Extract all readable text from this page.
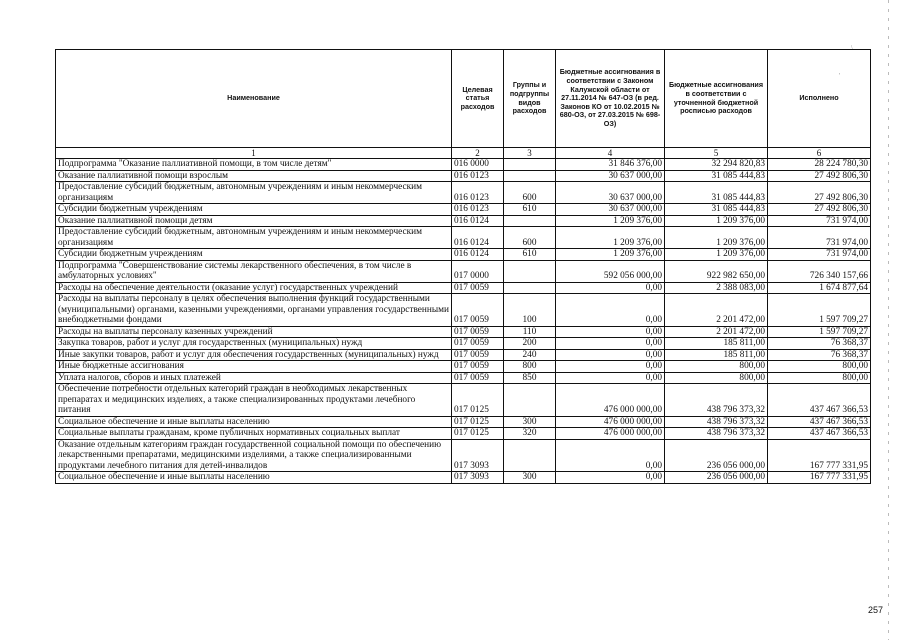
\
'
Наименование	Целевая статья расходов	Группы и подгруппы видов расходов	Бюджетные ассигнования в соответствии с Законом Калужской области от 27.11.2014 № 647-ОЗ (в ред. Законов КО от 10.02.2015 № 680-ОЗ, от 27.03.2015 № 698-ОЗ)	Бюджетные ассигнования в соответствии с уточненной бюджетной росписью расходов	Исполнено
1	2	3	4	5	6
Подпрограмма "Оказание паллиативной помощи, в том числе детям"	016 0000		31 846 376,00	32 294 820,83	28 224 780,30
Оказание паллиативной помощи взрослым	016 0123		30 637 000,00	31 085 444,83	27 492 806,30
Предоставление субсидий бюджетным, автономным учреждениям и иным некоммерческим организациям	016 0123	600	30 637 000,00	31 085 444,83	27 492 806,30
Субсидии бюджетным учреждениям	016 0123	610	30 637 000,00	31 085 444,83	27 492 806,30
Оказание паллиативной помощи детям	016 0124		1 209 376,00	1 209 376,00	731 974,00
Предоставление субсидий бюджетным, автономным учреждениям и иным некоммерческим организациям	016 0124	600	1 209 376,00	1 209 376,00	731 974,00
Субсидии бюджетным учреждениям	016 0124	610	1 209 376,00	1 209 376,00	731 974,00
Подпрограмма "Совершенствование системы лекарственного обеспечения, в том числе в амбулаторных условиях"	017 0000		592 056 000,00	922 982 650,00	726 340 157,66
Расходы на обеспечение деятельности (оказание услуг) государственных учреждений	017 0059		0,00	2 388 083,00	1 674 877,64
Расходы на выплаты персоналу в целях обеспечения выполнения функций государственными (муниципальными) органами, казенными учреждениями, органами управления государственными внебюджетными фондами	017 0059	100	0,00	2 201 472,00	1 597 709,27
Расходы на выплаты персоналу казенных учреждений	017 0059	110	0,00	2 201 472,00	1 597 709,27
Закупка товаров, работ и услуг для государственных (муниципальных) нужд	017 0059	200	0,00	185 811,00	76 368,37
Иные закупки товаров, работ и услуг для обеспечения государственных (муниципальных) нужд	017 0059	240	0,00	185 811,00	76 368,37
Иные бюджетные ассигнования	017 0059	800	0,00	800,00	800,00
Уплата налогов, сборов и иных платежей	017 0059	850	0,00	800,00	800,00
Обеспечение потребности отдельных категорий граждан в необходимых лекарственных препаратах и медицинских изделиях, а также специализированных продуктами лечебного питания	017 0125		476 000 000,00	438 796 373,32	437 467 366,53
Социальное обеспечение и иные выплаты населению	017 0125	300	476 000 000,00	438 796 373,32	437 467 366,53
Социальные выплаты гражданам, кроме публичных нормативных социальных выплат	017 0125	320	476 000 000,00	438 796 373,32	437 467 366,53
Оказание отдельным категориям граждан государственной социальной помощи по обеспечению лекарственными препаратами, медицинскими изделиями, а также специализированными продуктами лечебного питания для детей-инвалидов	017 3093		0,00	236 056 000,00	167 777 331,95
Социальное обеспечение и иные выплаты населению	017 3093	300	0,00	236 056 000,00	167 777 331,95
257
